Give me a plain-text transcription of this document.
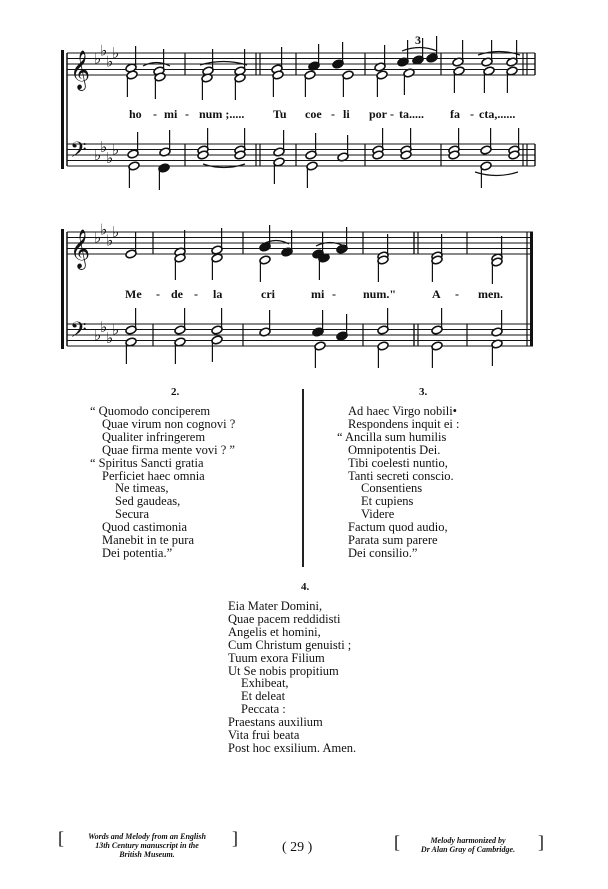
𝄞
𝄢
♭
♭
♭
♭
♭
♭
♭
♭
3
𝄞
𝄢
♭
♭
♭
♭
♭
♭
♭
♭
ho - mi - num ;..... Tu coe - li por - ta..... fa - cta,......
Me - de - la	cri	mi - num."	A - men.
2.
“ Quomodo conciperem
Quae virum non cognovi ?
Qualiter infringerem
Quae firma mente vovi ? ”
“ Spiritus Sancti gratia
Perficiet haec omnia
Ne timeas,
Sed gaudeas,
Secura
Quod castimonia
Manebit in te pura
Dei potentia.”
3.
Ad haec Virgo nobili•
Respondens inquit ei :
“ Ancilla sum humilis
Omnipotentis Dei.
Tibi coelesti nuntio,
Tanti secreti conscio.
Consentiens
Et cupiens
Videre
Factum quod audio,
Parata sum parere
Dei consilio.”
4.
Eia Mater Domini,
Quae pacem reddidisti
Angelis et homini,
Cum Christum genuisti ;
Tuum exora Filium
Ut Se nobis propitium
Exhibeat,
Et deleat
Peccata :
Praestans auxilium
Vita frui beata
Post hoc exsilium. Amen.
[	Words and Melody from an English
13th Century manuscript in the
British Museum.
]	( 29 )	[	Melody harmonized by
Dr Alan Gray of Cambridge.	]
